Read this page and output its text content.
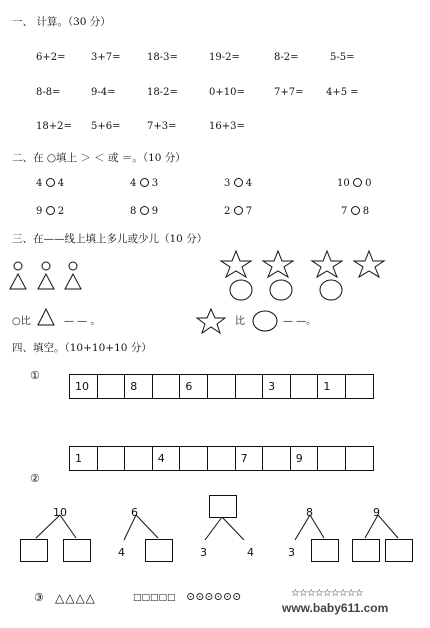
一、 计算。（30 分）
6+2=	3+7=	18-3=	19-2=	8-2=	5-5=
8-8=	9-4=	18-2=	0+10=	7+7= 4+5 =
18+2= 5+6=	7+3=	16+3=
二、在 ○填上 ＞ ＜ 或 ＝。（10 分）
4 4	4 3	3 4	10 0
9 2	8 9	2 7	7 8
三、在——线上填上多儿或少儿（10 分）
○比	— — 。	比	— —。
四、填空。（10+10+10 分）
①
10		8		6			3		1	
1			4			7		9		
②
10	6
4	3	4
8
3
9
③ △△△△	□□□□□ ⊙⊙⊙⊙⊙⊙	☆☆☆☆☆☆☆☆☆
www.baby611.com
